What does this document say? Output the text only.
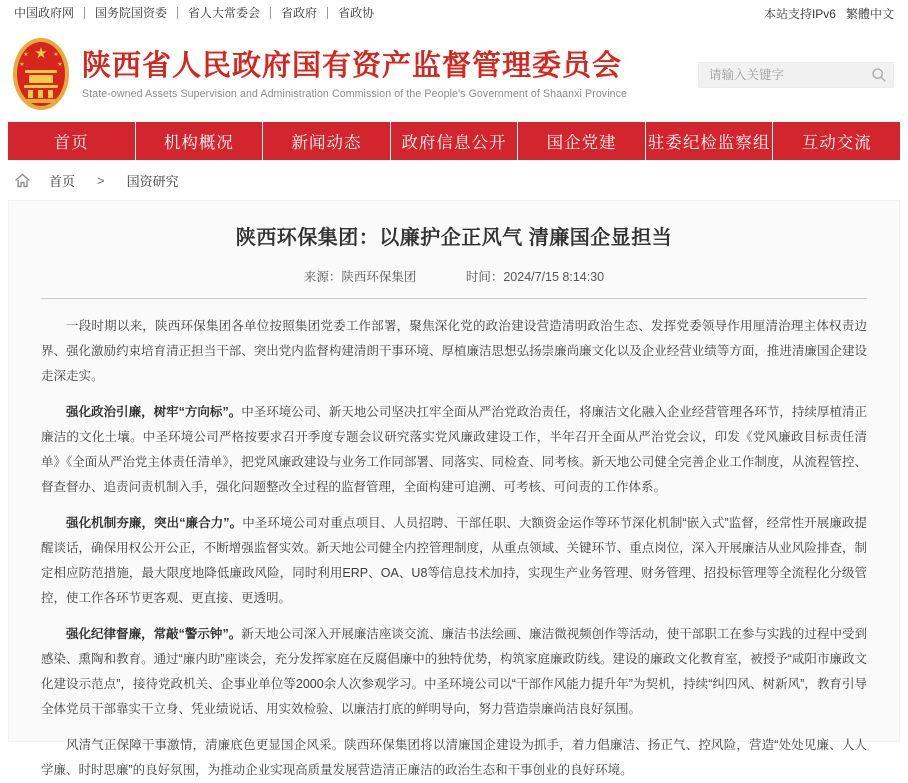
中国政府网	国务院国资委	省人大常委会	省政府	省政协	本站支持IPv6 繁體中文
★
★	★
★	★ 陕西省人民政府国有资产监督管理委员会
State-owned Assets Supervision and Administration Commission of the People's Government of Shaanxi Province
请输入关键字
首页	机构概况	新闻动态	政府信息公开	国企党建	驻委纪检监察组	互动交流
首页 > 国资研究
陕西环保集团：以廉护企正风气 清廉国企显担当
来源：陕西环保集团	时间：2024/7/15 8:14:30

一段时期以来，陕西环保集团各单位按照集团党委工作部署，聚焦深化党的政治建设营造清明政治生态、发挥党委领导作用厘清治理主体权责边界、强化激励约束培育清正担当干部、突出党内监督构建清朗干事环境、厚植廉洁思想弘扬崇廉尚廉文化以及企业经营业绩等方面，推进清廉国企建设走深走实。

强化政治引廉，树牢“方向标”。中圣环境公司、新天地公司坚决扛牢全面从严治党政治责任，将廉洁文化融入企业经营管理各环节，持续厚植清正廉洁的文化土壤。中圣环境公司严格按要求召开季度专题会议研究落实党风廉政建设工作，半年召开全面从严治党会议，印发《党风廉政目标责任清单》《全面从严治党主体责任清单》，把党风廉政建设与业务工作同部署、同落实、同检查、同考核。新天地公司健全完善企业工作制度，从流程管控、督查督办、追责问责机制入手，强化问题整改全过程的监督管理，全面构建可追溯、可考核、可问责的工作体系。

强化机制夯廉，突出“廉合力”。中圣环境公司对重点项目、人员招聘、干部任职、大额资金运作等环节深化机制“嵌入式”监督，经常性开展廉政提醒谈话，确保用权公开公正，不断增强监督实效。新天地公司健全内控管理制度，从重点领域、关键环节、重点岗位，深入开展廉洁从业风险排查，制定相应防范措施，最大限度地降低廉政风险，同时利用ERP、OA、U8等信息技术加持，实现生产业务管理、财务管理、招投标管理等全流程化分级管控，使工作各环节更客观、更直接、更透明。

强化纪律督廉，常敲“警示钟”。新天地公司深入开展廉洁座谈交流、廉洁书法绘画、廉洁微视频创作等活动，使干部职工在参与实践的过程中受到感染、熏陶和教育。通过“廉内助”座谈会，充分发挥家庭在反腐倡廉中的独特优势，构筑家庭廉政防线。建设的廉政文化教育室，被授予“咸阳市廉政文化建设示范点”，接待党政机关、企事业单位等2000余人次参观学习。中圣环境公司以“干部作风能力提升年”为契机，持续“纠四风、树新风”，教育引导全体党员干部靠实干立身、凭业绩说话、用实效检验、以廉洁打底的鲜明导向，努力营造崇廉尚洁良好氛围。

风清气正保障干事激情，清廉底色更显国企风采。陕西环保集团将以清廉国企建设为抓手，着力倡廉洁、扬正气、控风险，营造“处处见廉、人人学廉、时时思廉”的良好氛围，为推动企业实现高质量发展营造清正廉洁的政治生态和干事创业的良好环境。
